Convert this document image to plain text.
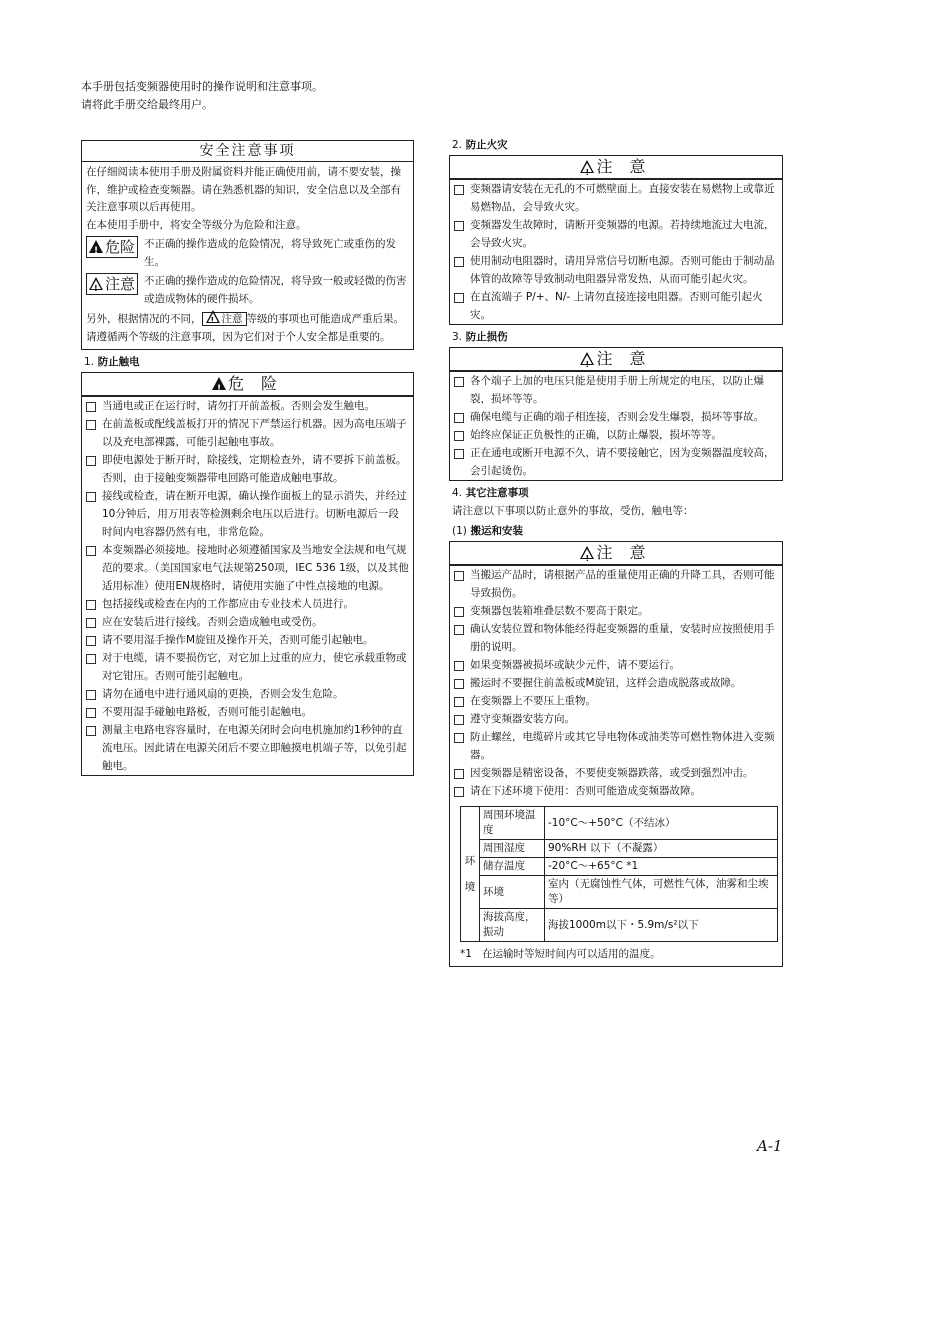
本手册包括变频器使用时的操作说明和注意事项。
请将此手册交给最终用户。
安全注意事项
在仔细阅读本使用手册及附属资料并能正确使用前，请不要安装，操作，维护或检查变频器。请在熟悉机器的知识，安全信息以及全部有关注意事项以后再使用。
在本使用手册中，将安全等级分为危险和注意。
!危险 不正确的操作造成的危险情况，将导致死亡或重伤的发生。
!注意 不正确的操作造成的危险情况，将导致一般或轻微的伤害或造成物体的硬件损坏。
另外，根据情况的不同， ! 注意 等级的事项也可能造成严重后果。请遵循两个等级的注意事项，因为它们对于个人安全都是重要的。
1. 防止触电
!危 险
当通电或正在运行时，请勿打开前盖板。否则会发生触电。
在前盖板或配线盖板打开的情况下严禁运行机器。因为高电压端子以及充电部裸露，可能引起触电事故。
即使电源处于断开时，除接线，定期检查外，请不要拆下前盖板。否则，由于接触变频器带电回路可能造成触电事故。
接线或检查，请在断开电源，确认操作面板上的显示消失，并经过10分钟后，用万用表等检测剩余电压以后进行。切断电源后一段时间内电容器仍然有电，非常危险。
本变频器必须接地。接地时必须遵循国家及当地安全法规和电气规范的要求。（美国国家电气法规第250项，IEC 536 1级，以及其他适用标准）使用EN规格时，请使用实施了中性点接地的电源。
包括接线或检查在内的工作都应由专业技术人员进行。
应在安装后进行接线。否则会造成触电或受伤。
请不要用湿手操作M旋钮及操作开关，否则可能引起触电。
对于电缆，请不要损伤它，对它加上过重的应力，使它承载重物或对它钳压。否则可能引起触电。
请勿在通电中进行通风扇的更换，否则会发生危险。
不要用湿手碰触电路板，否则可能引起触电。
测量主电路电容容量时，在电源关闭时会向电机施加约1秒钟的直流电压。因此请在电源关闭后不要立即触摸电机端子等，以免引起触电。
2. 防止火灾
!注 意
变频器请安装在无孔的不可燃壁面上。直接安装在易燃物上或靠近易燃物品，会导致火灾。
变频器发生故障时，请断开变频器的电源。若持续地流过大电流，会导致火灾。
使用制动电阻器时，请用异常信号切断电源。否则可能由于制动晶体管的故障等导致制动电阻器异常发热，从而可能引起火灾。
在直流端子 P/+、N/- 上请勿直接连接电阻器。否则可能引起火灾。
3. 防止损伤
!注 意
各个端子上加的电压只能是使用手册上所规定的电压，以防止爆裂，损坏等等。
确保电缆与正确的端子相连接，否则会发生爆裂，损坏等事故。
始终应保证正负极性的正确，以防止爆裂，损坏等等。
正在通电或断开电源不久，请不要接触它，因为变频器温度较高，会引起烫伤。
4. 其它注意事项
请注意以下事项以防止意外的事故，受伤，触电等：
(1) 搬运和安装
!注 意
当搬运产品时，请根据产品的重量使用正确的升降工具，否则可能导致损伤。
变频器包装箱堆叠层数不要高于限定。
确认安装位置和物体能经得起变频器的重量，安装时应按照使用手册的说明。
如果变频器被损坏或缺少元件，请不要运行。
搬运时不要握住前盖板或M旋钮，这样会造成脱落或故障。
在变频器上不要压上重物。
遵守变频器安装方向。
防止螺丝，电缆碎片或其它导电物体或油类等可燃性物体进入变频器。
因变频器是精密设备，不要使变频器跌落，或受到强烈冲击。
请在下述环境下使用：否则可能造成变频器故障。
环
境	周围环境温度	-10°C～+50°C（不结冰）
	周围湿度	90%RH 以下（不凝露）
	储存温度	-20°C～+65°C *1
	环境	室内（无腐蚀性气体，可燃性气体，油雾和尘埃等）
	海拔高度，振动	海拔1000m以下・5.9m/s²以下
*1 在运输时等短时间内可以适用的温度。
A-1
